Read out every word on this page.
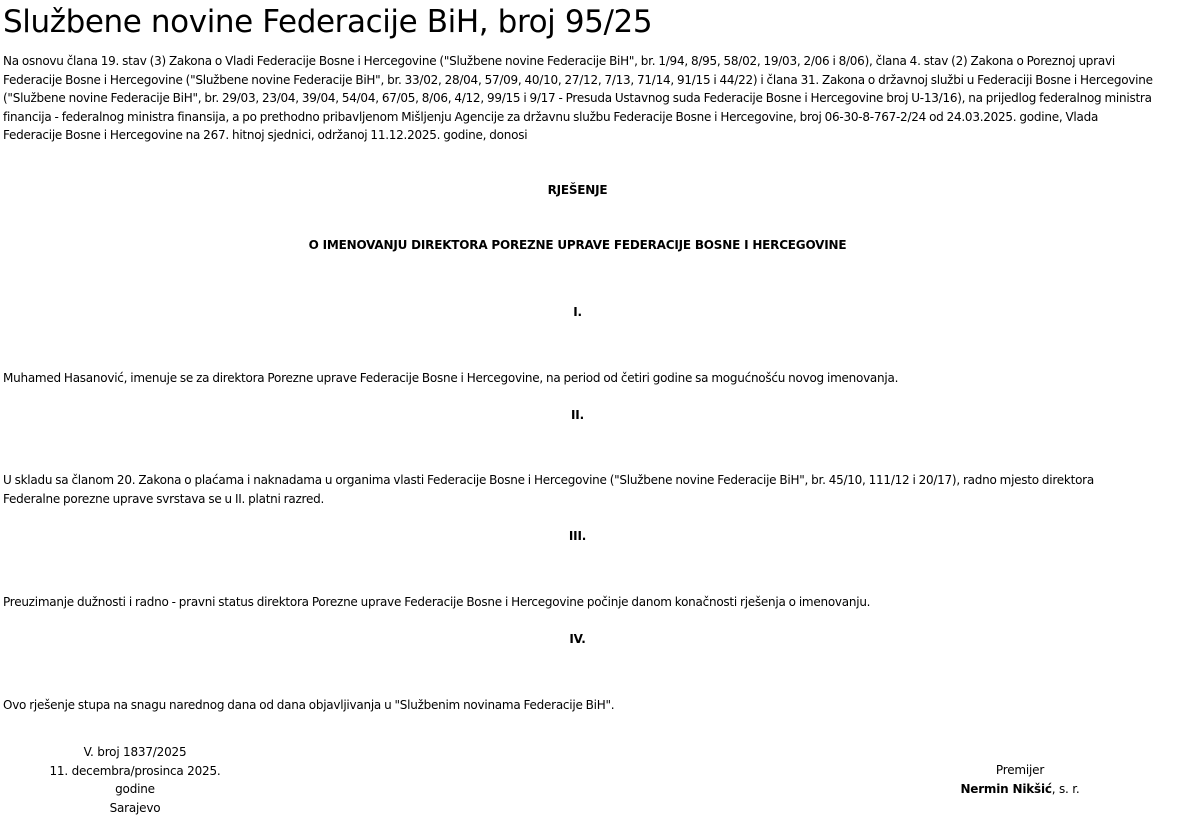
Službene novine Federacije BiH, broj 95/25

Na osnovu člana 19. stav (3) Zakona o Vladi Federacije Bosne i Hercegovine ("Službene novine Federacije BiH", br. 1/94, 8/95, 58/02, 19/03, 2/06 i 8/06), člana 4. stav (2) Zakona o Poreznoj upravi Federacije Bosne i Hercegovine ("Službene novine Federacije BiH", br. 33/02, 28/04, 57/09, 40/10, 27/12, 7/13, 71/14, 91/15 i 44/22) i člana 31. Zakona o državnoj službi u Federaciji Bosne i Hercegovine ("Službene novine Federacije BiH", br. 29/03, 23/04, 39/04, 54/04, 67/05, 8/06, 4/12, 99/15 i 9/17 - Presuda Ustavnog suda Federacije Bosne i Hercegovine broj U-13/16), na prijedlog federalnog ministra financija - federalnog ministra finansija, a po prethodno pribavljenom Mišljenju Agencije za državnu službu Federacije Bosne i Hercegovine, broj 06-30-8-767-2/24 od 24.03.2025. godine, Vlada Federacije Bosne i Hercegovine na 267. hitnoj sjednici, održanoj 11.12.2025. godine, donosi

RJEŠENJE

O IMENOVANJU DIREKTORA POREZNE UPRAVE FEDERACIJE BOSNE I HERCEGOVINE

I.

Muhamed Hasanović, imenuje se za direktora Porezne uprave Federacije Bosne i Hercegovine, na period od četiri godine sa mogućnošću novog imenovanja.

II.

U skladu sa članom 20. Zakona o plaćama i naknadama u organima vlasti Federacije Bosne i Hercegovine ("Službene novine Federacije BiH", br. 45/10, 111/12 i 20/17), radno mjesto direktora Federalne porezne uprave svrstava se u II. platni razred.

III.

Preuzimanje dužnosti i radno - pravni status direktora Porezne uprave Federacije Bosne i Hercegovine počinje danom konačnosti rješenja o imenovanju.

IV.

Ovo rješenje stupa na snagu narednog dana od dana objavljivanja u "Službenim novinama Federacije BiH".

V. broj 1837/2025
11. decembra/prosinca 2025. godine
Sarajevo
Premijer
Nermin Nikšić, s. r.
